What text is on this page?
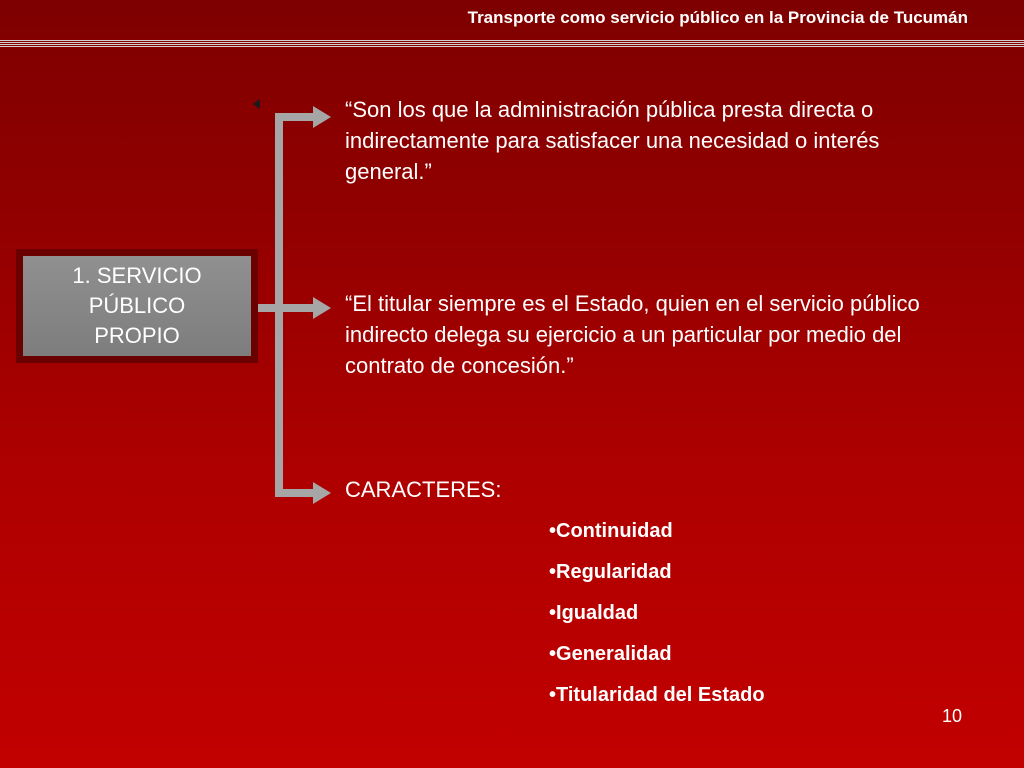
Transporte como servicio público en la Provincia de Tucumán
1. SERVICIO
PÚBLICO
PROPIO
“Son los que la administración pública presta directa o indirectamente para satisfacer una necesidad o interés general.”
“El titular siempre es el Estado, quien en el servicio público indirecto delega su ejercicio a un particular por medio del contrato de concesión.”
CARACTERES:
•Continuidad
•Regularidad
•Igualdad
•Generalidad
•Titularidad del Estado
10
